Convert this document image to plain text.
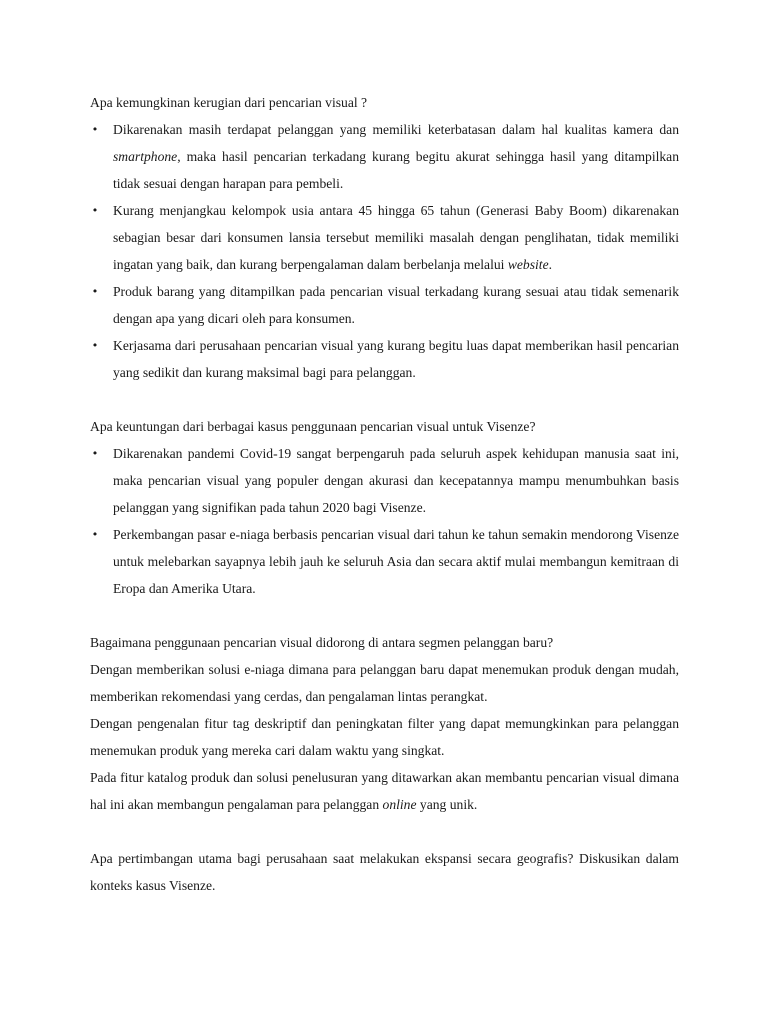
Apa kemungkinan kerugian dari pencarian visual ?

• Dikarenakan masih terdapat pelanggan yang memiliki keterbatasan dalam hal kualitas kamera dan smartphone, maka hasil pencarian terkadang kurang begitu akurat sehingga hasil yang ditampilkan tidak sesuai dengan harapan para pembeli.
• Kurang menjangkau kelompok usia antara 45 hingga 65 tahun (Generasi Baby Boom) dikarenakan sebagian besar dari konsumen lansia tersebut memiliki masalah dengan penglihatan, tidak memiliki ingatan yang baik, dan kurang berpengalaman dalam berbelanja melalui website.
• Produk barang yang ditampilkan pada pencarian visual terkadang kurang sesuai atau tidak semenarik dengan apa yang dicari oleh para konsumen.
• Kerjasama dari perusahaan pencarian visual yang kurang begitu luas dapat memberikan hasil pencarian yang sedikit dan kurang maksimal bagi para pelanggan.

Apa keuntungan dari berbagai kasus penggunaan pencarian visual untuk Visenze?

• Dikarenakan pandemi Covid-19 sangat berpengaruh pada seluruh aspek kehidupan manusia saat ini, maka pencarian visual yang populer dengan akurasi dan kecepatannya mampu menumbuhkan basis pelanggan yang signifikan pada tahun 2020 bagi Visenze.
• Perkembangan pasar e-niaga berbasis pencarian visual dari tahun ke tahun semakin mendorong Visenze untuk melebarkan sayapnya lebih jauh ke seluruh Asia dan secara aktif mulai membangun kemitraan di Eropa dan Amerika Utara.

Bagaimana penggunaan pencarian visual didorong di antara segmen pelanggan baru?

Dengan memberikan solusi e-niaga dimana para pelanggan baru dapat menemukan produk dengan mudah, memberikan rekomendasi yang cerdas, dan pengalaman lintas perangkat.

Dengan pengenalan fitur tag deskriptif dan peningkatan filter yang dapat memungkinkan para pelanggan menemukan produk yang mereka cari dalam waktu yang singkat.

Pada fitur katalog produk dan solusi penelusuran yang ditawarkan akan membantu pencarian visual dimana hal ini akan membangun pengalaman para pelanggan online yang unik.

Apa pertimbangan utama bagi perusahaan saat melakukan ekspansi secara geografis? Diskusikan dalam konteks kasus Visenze.
